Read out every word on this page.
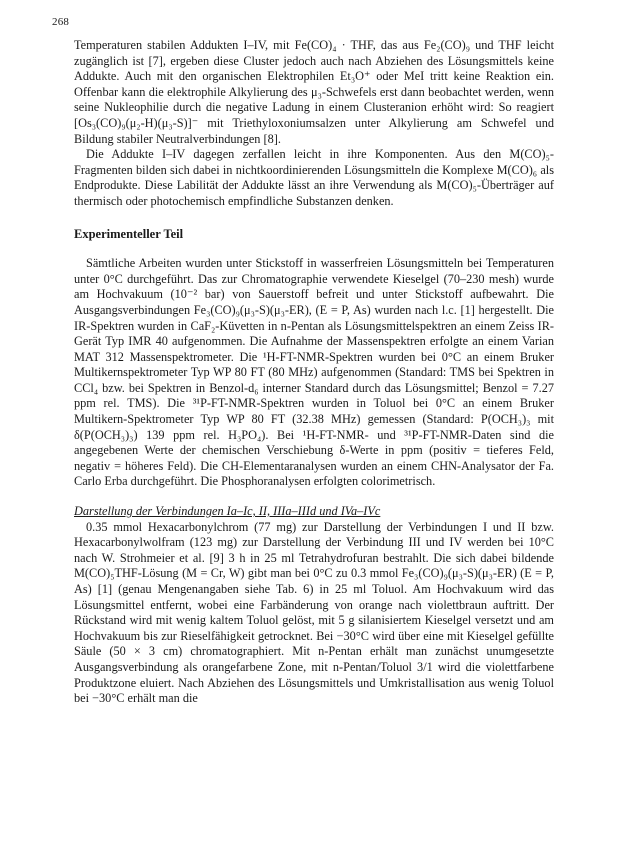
268

Temperaturen stabilen Addukten I–IV, mit Fe(CO)₄ · THF, das aus Fe₂(CO)₉ und THF leicht zugänglich ist [7], ergeben diese Cluster jedoch auch nach Abziehen des Lösungsmittels keine Addukte. Auch mit den organischen Elektrophilen Et₃O⁺ oder MeI tritt keine Reaktion ein. Offenbar kann die elektrophile Alkylierung des μ₃-Schwefels erst dann beobachtet werden, wenn seine Nukleophilie durch die negative Ladung in einem Clusteranion erhöht wird: So reagiert [Os₃(CO)₉(μ₂-H)(μ₃-S)]⁻ mit Triethyloxoniumsalzen unter Alkylierung am Schwefel und Bildung stabiler Neutralverbindungen [8].

Die Addukte I–IV dagegen zerfallen leicht in ihre Komponenten. Aus den M(CO)₅-Fragmenten bilden sich dabei in nichtkoordinierenden Lösungsmitteln die Komplexe M(CO)₆ als Endprodukte. Diese Labilität der Addukte lässt an ihre Verwendung als M(CO)₅-Überträger auf thermisch oder photochemisch empfindliche Substanzen denken.

Experimenteller Teil

Sämtliche Arbeiten wurden unter Stickstoff in wasserfreien Lösungsmitteln bei Temperaturen unter 0°C durchgeführt. Das zur Chromatographie verwendete Kieselgel (70–230 mesh) wurde am Hochvakuum (10⁻² bar) von Sauerstoff befreit und unter Stickstoff aufbewahrt. Die Ausgangsverbindungen Fe₃(CO)₉(μ₃-S)(μ₃-ER), (E = P, As) wurden nach l.c. [1] hergestellt. Die IR-Spektren wurden in CaF₂-Küvetten in n-Pentan als Lösungsmittelspektren an einem Zeiss IR-Gerät Typ IMR 40 aufgenommen. Die Aufnahme der Massenspektren erfolgte an einem Varian MAT 312 Massenspektrometer. Die ¹H-FT-NMR-Spektren wurden bei 0°C an einem Bruker Multikernspektrometer Typ WP 80 FT (80 MHz) aufgenommen (Standard: TMS bei Spektren in CCl₄ bzw. bei Spektren in Benzol-d₆ interner Standard durch das Lösungsmittel; Benzol = 7.27 ppm rel. TMS). Die ³¹P-FT-NMR-Spektren wurden in Toluol bei 0°C an einem Bruker Multikern-Spektrometer Typ WP 80 FT (32.38 MHz) gemessen (Standard: P(OCH₃)₃ mit δ(P(OCH₃)₃) 139 ppm rel. H₃PO₄). Bei ¹H-FT-NMR- und ³¹P-FT-NMR-Daten sind die angegebenen Werte der chemischen Verschiebung δ-Werte in ppm (positiv = tieferes Feld, negativ = höheres Feld). Die CH-Elementaranalysen wurden an einem CHN-Analysator der Fa. Carlo Erba durchgeführt. Die Phosphoranalysen erfolgten colorimetrisch.

Darstellung der Verbindungen Ia–Ic, II, IIIa–IIId und IVa–IVc

0.35 mmol Hexacarbonylchrom (77 mg) zur Darstellung der Verbindungen I und II bzw. Hexacarbonylwolfram (123 mg) zur Darstellung der Verbindung III und IV werden bei 10°C nach W. Strohmeier et al. [9] 3 h in 25 ml Tetrahydrofuran bestrahlt. Die sich dabei bildende M(CO)₅THF-Lösung (M = Cr, W) gibt man bei 0°C zu 0.3 mmol Fe₃(CO)₉(μ₃-S)(μ₃-ER) (E = P, As) [1] (genau Mengenangaben siehe Tab. 6) in 25 ml Toluol. Am Hochvakuum wird das Lösungsmittel entfernt, wobei eine Farbänderung von orange nach violettbraun auftritt. Der Rückstand wird mit wenig kaltem Toluol gelöst, mit 5 g silanisiertem Kieselgel versetzt und am Hochvakuum bis zur Rieselfähigkeit getrocknet. Bei −30°C wird über eine mit Kieselgel gefüllte Säule (50 × 3 cm) chromatographiert. Mit n-Pentan erhält man zunächst unumgesetzte Ausgangsverbindung als orangefarbene Zone, mit n-Pentan/Toluol 3/1 wird die violettfarbene Produktzone eluiert. Nach Abziehen des Lösungsmittels und Umkristallisation aus wenig Toluol bei −30°C erhält man die
